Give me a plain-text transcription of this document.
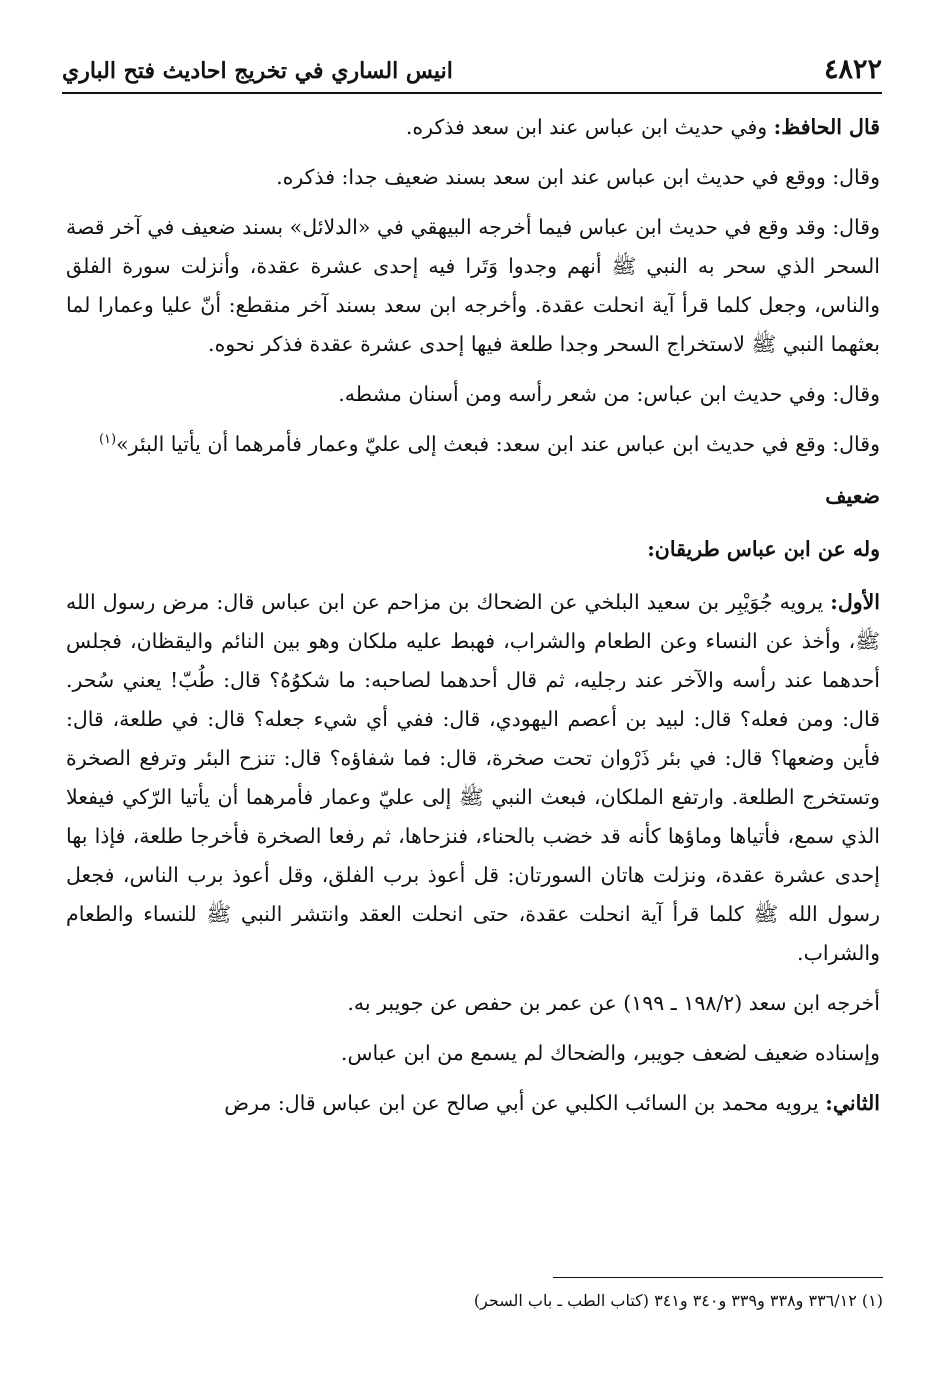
٤٨٢٢
انيس الساري في تخريج احاديث فتح الباري

قال الحافظ: وفي حديث ابن عباس عند ابن سعد فذكره.

وقال: ووقع في حديث ابن عباس عند ابن سعد بسند ضعيف جدا: فذكره.

وقال: وقد وقع في حديث ابن عباس فيما أخرجه البيهقي في «الدلائل» بسند ضعيف في آخر قصة السحر الذي سحر به النبي ﷺ أنهم وجدوا وَتَرا فيه إحدى عشرة عقدة، وأنزلت سورة الفلق والناس، وجعل كلما قرأ آية انحلت عقدة. وأخرجه ابن سعد بسند آخر منقطع: أنّ عليا وعمارا لما بعثهما النبي ﷺ لاستخراج السحر وجدا طلعة فيها إحدى عشرة عقدة فذكر نحوه.

وقال: وفي حديث ابن عباس: من شعر رأسه ومن أسنان مشطه.

وقال: وقع في حديث ابن عباس عند ابن سعد: فبعث إلى عليّ وعمار فأمرهما أن يأتيا البئر»$^{(١)}$

ضعيف

وله عن ابن عباس طريقان:

الأول: يرويه جُوَيْبِر بن سعيد البلخي عن الضحاك بن مزاحم عن ابن عباس قال: مرض رسول الله ﷺ، وأخذ عن النساء وعن الطعام والشراب، فهبط عليه ملكان وهو بين النائم واليقظان، فجلس أحدهما عند رأسه والآخر عند رجليه، ثم قال أحدهما لصاحبه: ما شكوُهُ؟ قال: طُبّ! يعني سُحر. قال: ومن فعله؟ قال: لبيد بن أعصم اليهودي، قال: ففي أي شيء جعله؟ قال: في طلعة، قال: فأين وضعها؟ قال: في بئر ذَرْوان تحت صخرة، قال: فما شفاؤه؟ قال: تنزح البئر وترفع الصخرة وتستخرج الطلعة. وارتفع الملكان، فبعث النبي ﷺ إلى عليّ وعمار فأمرهما أن يأتيا الرّكي فيفعلا الذي سمع، فأتياها وماؤها كأنه قد خضب بالحناء، فنزحاها، ثم رفعا الصخرة فأخرجا طلعة، فإذا بها إحدى عشرة عقدة، ونزلت هاتان السورتان: قل أعوذ برب الفلق، وقل أعوذ برب الناس، فجعل رسول الله ﷺ كلما قرأ آية انحلت عقدة، حتى انحلت العقد وانتشر النبي ﷺ للنساء والطعام والشراب.

أخرجه ابن سعد (١٩٨/٢ ـ ١٩٩) عن عمر بن حفص عن جويبر به.

وإسناده ضعيف لضعف جويبر، والضحاك لم يسمع من ابن عباس.

الثاني: يرويه محمد بن السائب الكلبي عن أبي صالح عن ابن عباس قال: مرض

(١) ٣٣٦/١٢ و٣٣٨ و٣٣٩ و٣٤٠ و٣٤١ (كتاب الطب ـ باب السحر)
